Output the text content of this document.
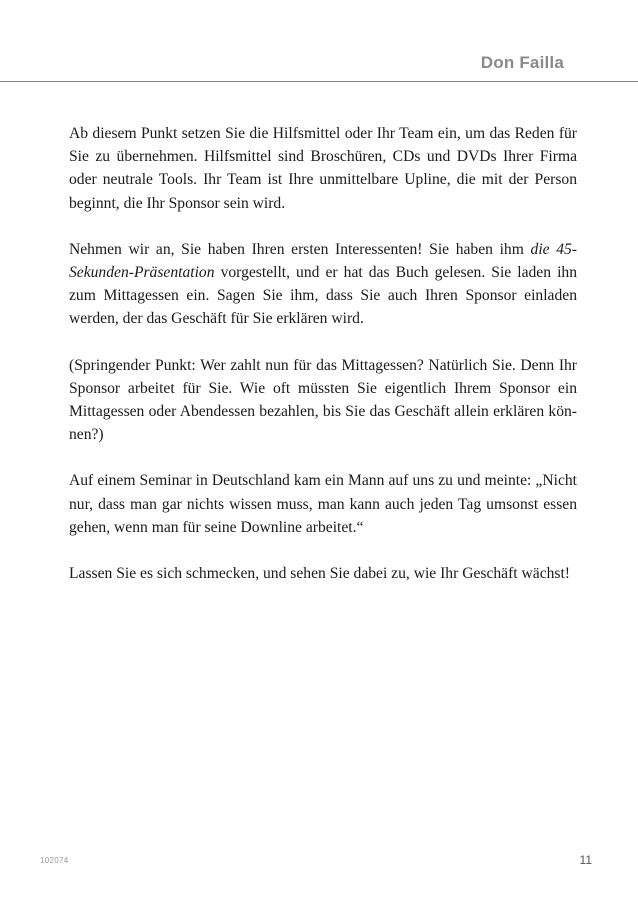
Don Failla

Ab diesem Punkt setzen Sie die Hilfsmittel oder Ihr Team ein, um das Reden für Sie zu übernehmen. Hilfsmittel sind Broschüren, CDs und DVDs Ihrer Firma oder neutrale Tools. Ihr Team ist Ihre unmittelbare Upline, die mit der Person beginnt, die Ihr Sponsor sein wird.

Nehmen wir an, Sie haben Ihren ersten Interessenten! Sie haben ihm die 45-Sekunden-Präsentation vorgestellt, und er hat das Buch gelesen. Sie laden ihn zum Mittagessen ein. Sagen Sie ihm, dass Sie auch Ihren Sponsor einladen werden, der das Geschäft für Sie erklären wird.

(Springender Punkt: Wer zahlt nun für das Mittagessen? Natürlich Sie. Denn Ihr Sponsor arbeitet für Sie. Wie oft müssten Sie eigentlich Ihrem Sponsor ein Mittagessen oder Abendessen bezahlen, bis Sie das Geschäft allein erklären können?)

Auf einem Seminar in Deutschland kam ein Mann auf uns zu und meinte: „Nicht nur, dass man gar nichts wissen muss, man kann auch jeden Tag umsonst essen gehen, wenn man für seine Downline arbeitet.“

Lassen Sie es sich schmecken, und sehen Sie dabei zu, wie Ihr Geschäft wächst!

102074	11
